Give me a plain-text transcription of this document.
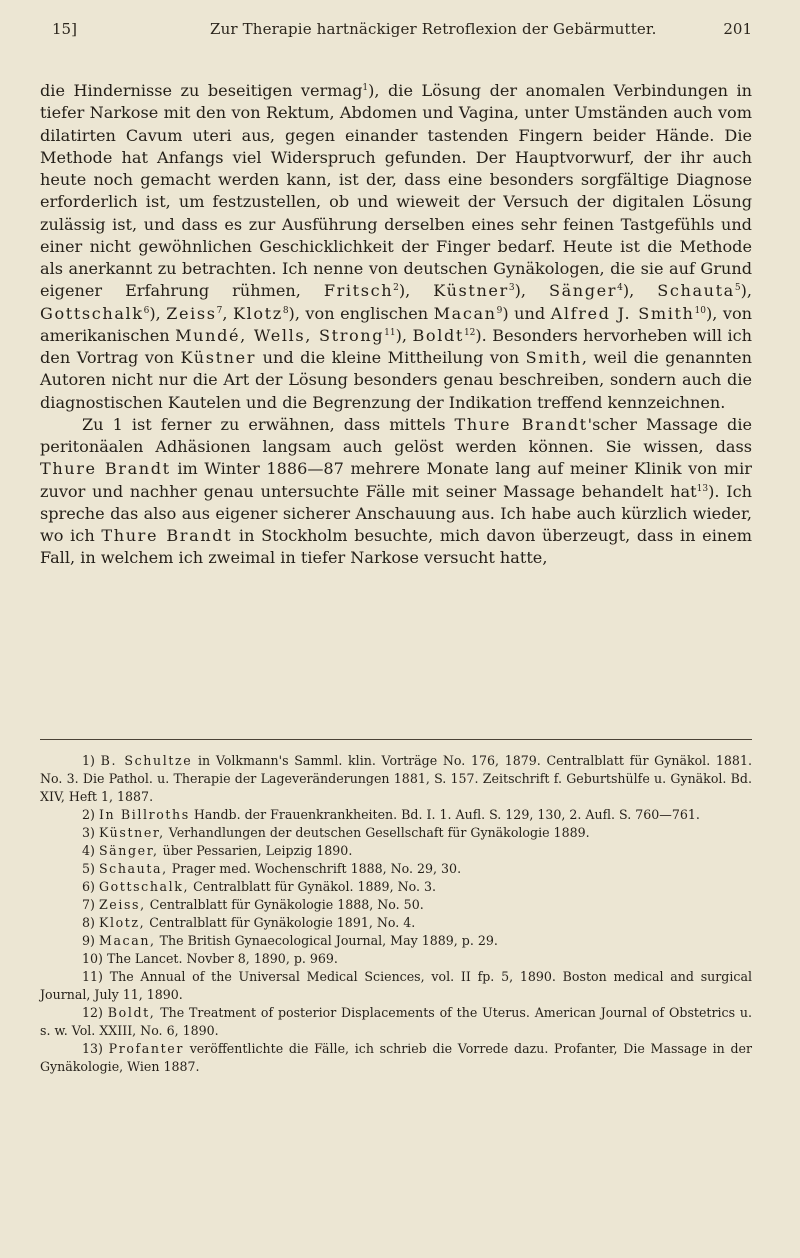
15]	Zur Therapie hartnäckiger Retroflexion der Gebärmutter.	201

die Hindernisse zu beseitigen vermag$^1$), die Lösung der anomalen Verbindungen in tiefer Narkose mit den von Rektum, Abdomen und Vagina, unter Umständen auch vom dilatirten Cavum uteri aus, gegen einander tastenden Fingern beider Hände. Die Methode hat Anfangs viel Widerspruch gefunden. Der Hauptvorwurf, der ihr auch heute noch gemacht werden kann, ist der, dass eine besonders sorgfältige Diagnose erforderlich ist, um festzustellen, ob und wieweit der Versuch der digitalen Lösung zulässig ist, und dass es zur Ausführung derselben eines sehr feinen Tastgefühls und einer nicht gewöhnlichen Geschicklichkeit der Finger bedarf. Heute ist die Methode als anerkannt zu betrachten. Ich nenne von deutschen Gynäkologen, die sie auf Grund eigener Erfahrung rühmen, Fritsch$^2$), Küstner$^3$), Sänger$^4$), Schauta$^5$), Gottschalk$^6$), Zeiss$^7$, Klotz$^8$), von englischen Macan$^9$) und Alfred J. Smith$^{10}$), von amerikanischen Mundé, Wells, Strong$^{11}$), Boldt$^{12}$). Besonders hervorheben will ich den Vortrag von Küstner und die kleine Mittheilung von Smith, weil die genannten Autoren nicht nur die Art der Lösung besonders genau beschreiben, sondern auch die diagnostischen Kautelen und die Begrenzung der Indikation treffend kennzeichnen.

Zu 1 ist ferner zu erwähnen, dass mittels Thure Brandt'scher Massage die peritonäalen Adhäsionen langsam auch gelöst werden können. Sie wissen, dass Thure Brandt im Winter 1886—87 mehrere Monate lang auf meiner Klinik von mir zuvor und nachher genau untersuchte Fälle mit seiner Massage behandelt hat$^{13}$). Ich spreche das also aus eigener sicherer Anschauung aus. Ich habe auch kürzlich wieder, wo ich Thure Brandt in Stockholm besuchte, mich davon überzeugt, dass in einem Fall, in welchem ich zweimal in tiefer Narkose versucht hatte,

1) B. Schultze in Volkmann's Samml. klin. Vorträge No. 176, 1879. Centralblatt für Gynäkol. 1881. No. 3. Die Pathol. u. Therapie der Lageveränderungen 1881, S. 157. Zeitschrift f. Geburtshülfe u. Gynäkol. Bd. XIV, Heft 1, 1887.

2) In Billroths Handb. der Frauenkrankheiten. Bd. I. 1. Aufl. S. 129, 130, 2. Aufl. S. 760—761.

3) Küstner, Verhandlungen der deutschen Gesellschaft für Gynäkologie 1889.

4) Sänger, über Pessarien, Leipzig 1890.

5) Schauta, Prager med. Wochenschrift 1888, No. 29, 30.

6) Gottschalk, Centralblatt für Gynäkol. 1889, No. 3.

7) Zeiss, Centralblatt für Gynäkologie 1888, No. 50.

8) Klotz, Centralblatt für Gynäkologie 1891, No. 4.

9) Macan, The British Gynaecological Journal, May 1889, p. 29.

10) The Lancet. Novber 8, 1890, p. 969.

11) The Annual of the Universal Medical Sciences, vol. II fp. 5, 1890. Boston medical and surgical Journal, July 11, 1890.

12) Boldt, The Treatment of posterior Displacements of the Uterus. American Journal of Obstetrics u. s. w. Vol. XXIII, No. 6, 1890.

13) Profanter veröffentlichte die Fälle, ich schrieb die Vorrede dazu. Profanter, Die Massage in der Gynäkologie, Wien 1887.
